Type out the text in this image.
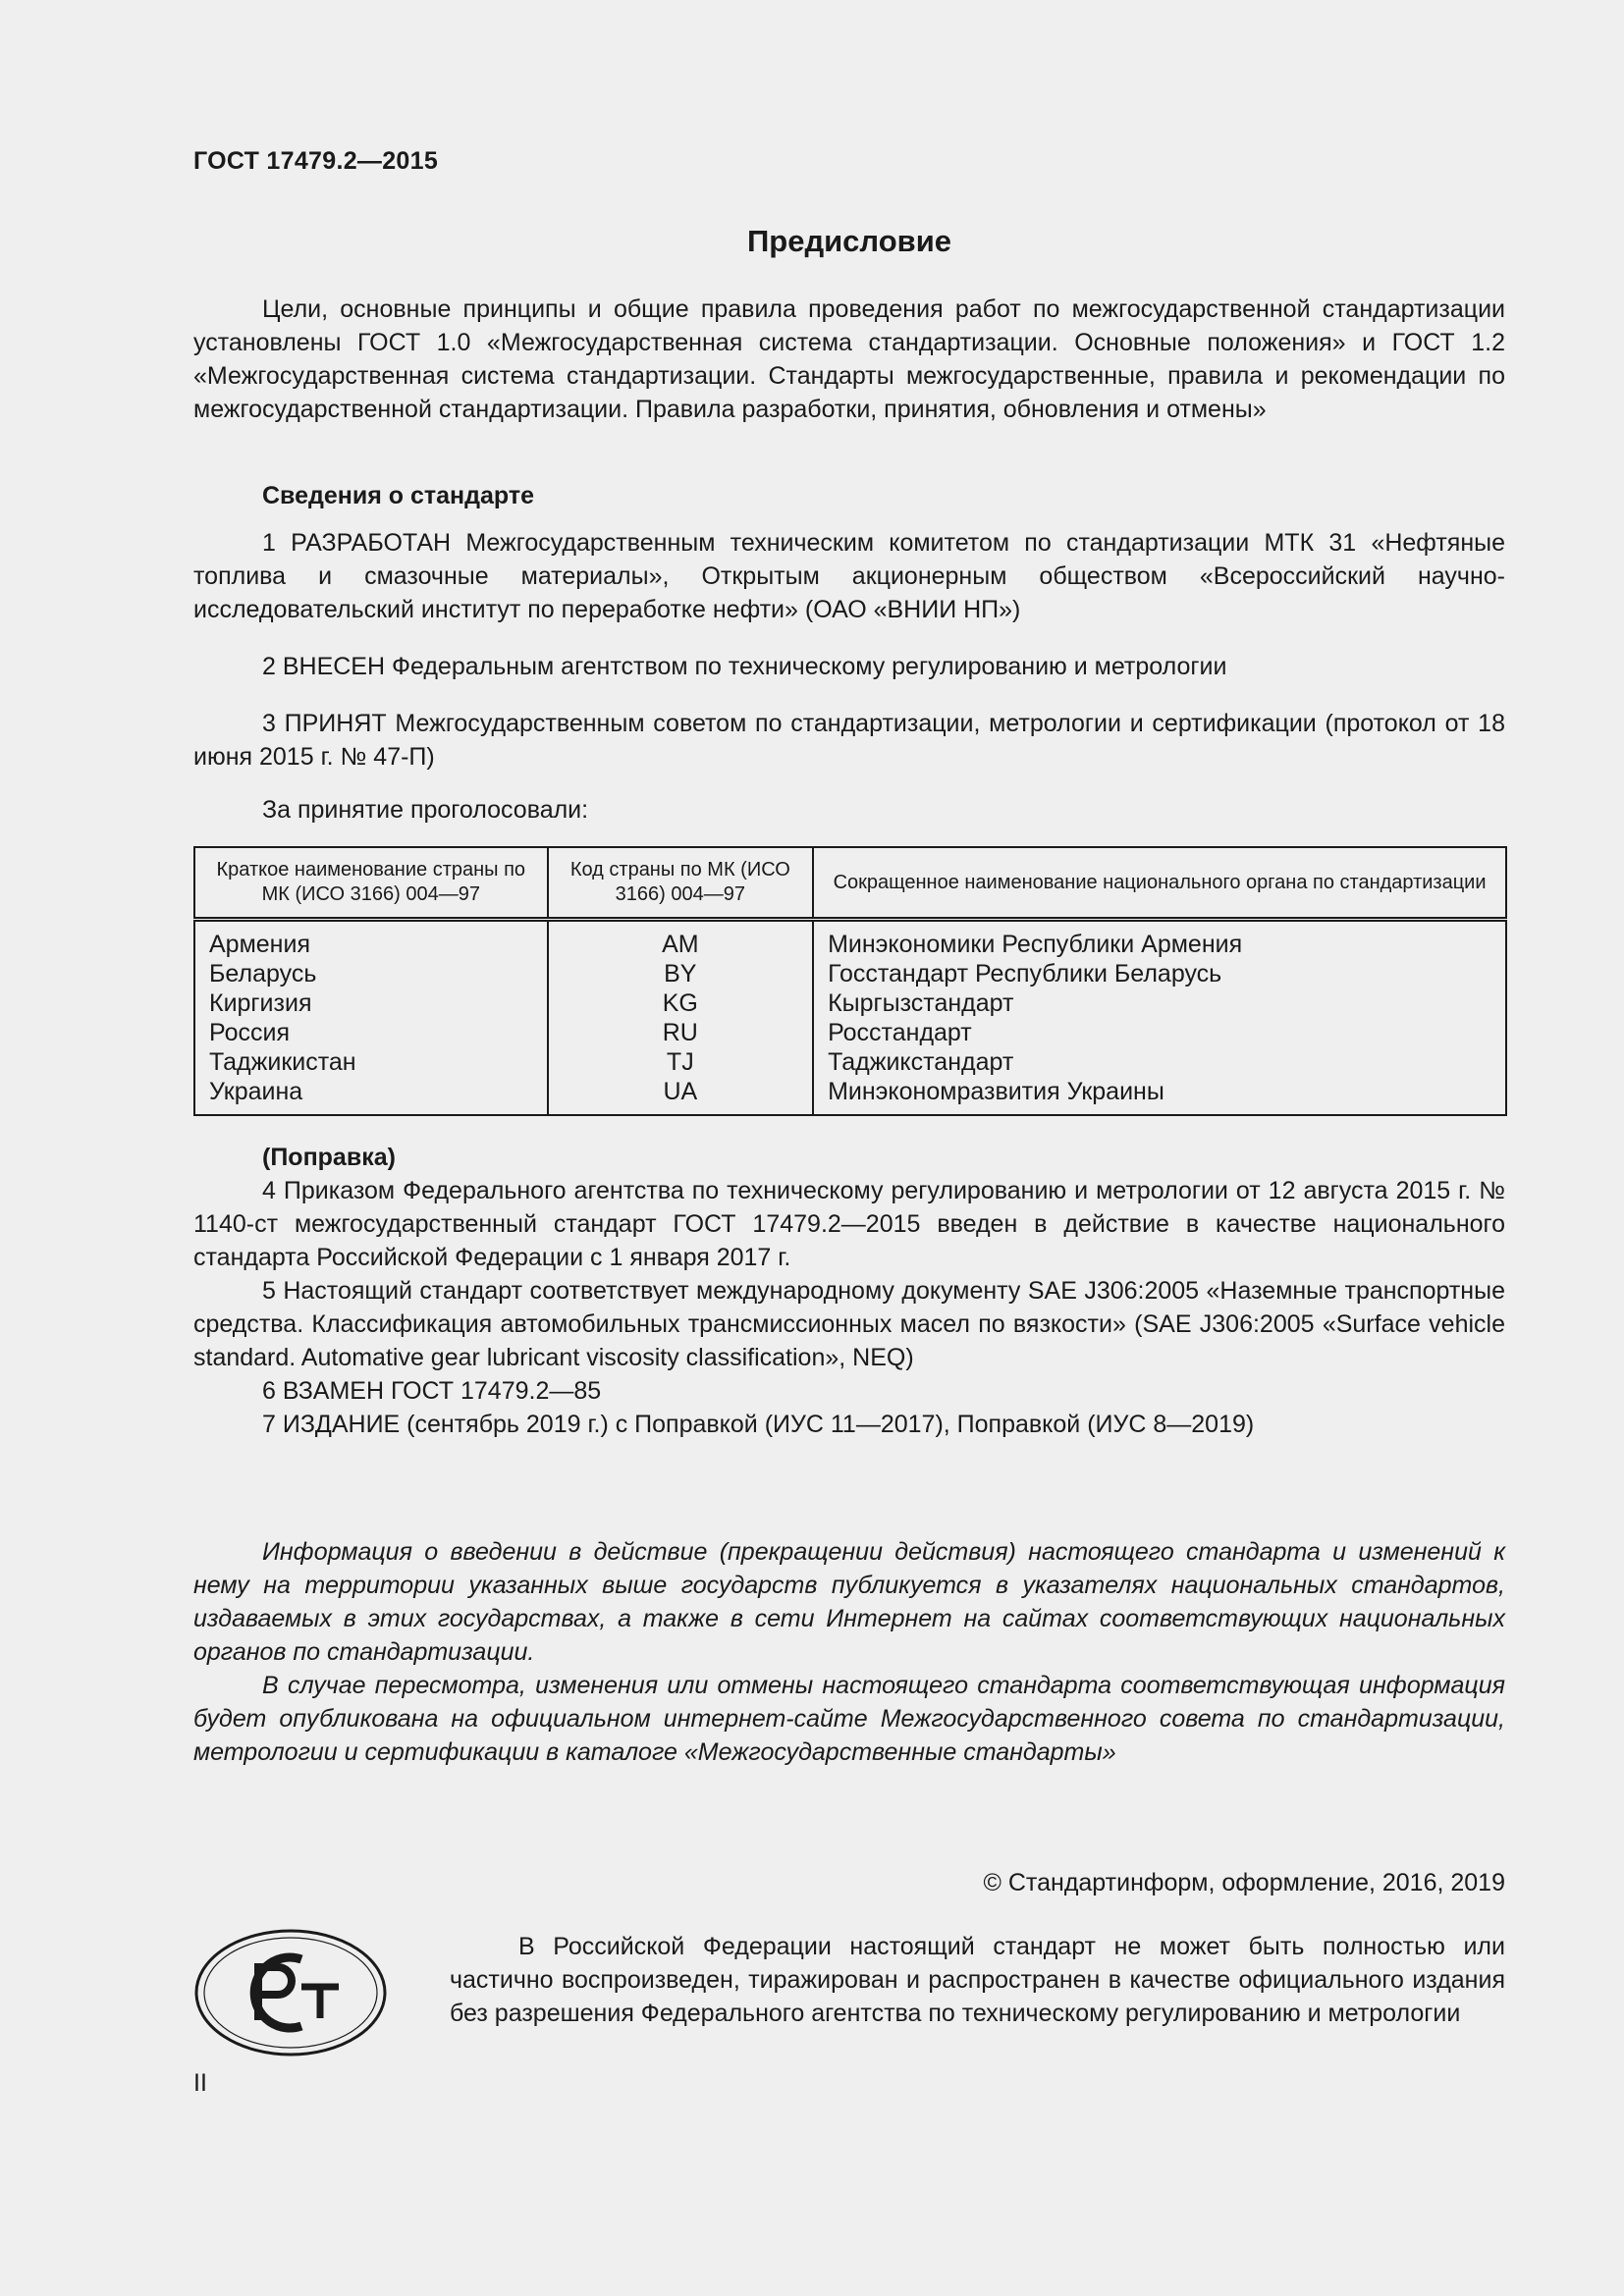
ГОСТ 17479.2—2015
Предисловие

Цели, основные принципы и общие правила проведения работ по межгосударственной стандартизации установлены ГОСТ 1.0 «Межгосударственная система стандартизации. Основные положения» и ГОСТ 1.2 «Межгосударственная система стандартизации. Стандарты межгосударственные, правила и рекомендации по межгосударственной стандартизации. Правила разработки, принятия, обновления и отмены»

Сведения о стандарте

1 РАЗРАБОТАН Межгосударственным техническим комитетом по стандартизации МТК 31 «Нефтяные топлива и смазочные материалы», Открытым акционерным обществом «Всероссийский научно-исследовательский институт по переработке нефти» (ОАО «ВНИИ НП»)

2 ВНЕСЕН Федеральным агентством по техническому регулированию и метрологии

3 ПРИНЯТ Межгосударственным советом по стандартизации, метрологии и сертификации (протокол от 18 июня 2015 г. № 47-П)

За принятие проголосовали:

Краткое наименование страны по МК (ИСО 3166) 004—97	Код страны по МК (ИСО 3166) 004—97	Сокращенное наименование национального органа по стандартизации
Армения	AM	Минэкономики Республики Армения
Беларусь	BY	Госстандарт Республики Беларусь
Киргизия	KG	Кыргызстандарт
Россия	RU	Росстандарт
Таджикистан	TJ	Таджикстандарт
Украина	UA	Минэкономразвития Украины

(Поправка)

4 Приказом Федерального агентства по техническому регулированию и метрологии от 12 августа 2015 г. № 1140-ст межгосударственный стандарт ГОСТ 17479.2—2015 введен в действие в качестве национального стандарта Российской Федерации с 1 января 2017 г.

5 Настоящий стандарт соответствует международному документу SAE J306:2005 «Наземные транспортные средства. Классификация автомобильных трансмиссионных масел по вязкости» (SAE J306:2005 «Surface vehicle standard. Automative gear lubricant viscosity classification», NEQ)

6 ВЗАМЕН ГОСТ 17479.2—85

7 ИЗДАНИЕ (сентябрь 2019 г.) с Поправкой (ИУС 11—2017), Поправкой (ИУС 8—2019)

Информация о введении в действие (прекращении действия) настоящего стандарта и изменений к нему на территории указанных выше государств публикуется в указателях национальных стандартов, издаваемых в этих государствах, а также в сети Интернет на сайтах соответствующих национальных органов по стандартизации.

В случае пересмотра, изменения или отмены настоящего стандарта соответствующая информация будет опубликована на официальном интернет-сайте Межгосударственного совета по стандартизации, метрологии и сертификации в каталоге «Межгосударственные стандарты»

© Стандартинформ, оформление, 2016, 2019

В Российской Федерации настоящий стандарт не может быть полностью или частично воспроизведен, тиражирован и распространен в качестве официального издания без разрешения Федерального агентства по техническому регулированию и метрологии

II
